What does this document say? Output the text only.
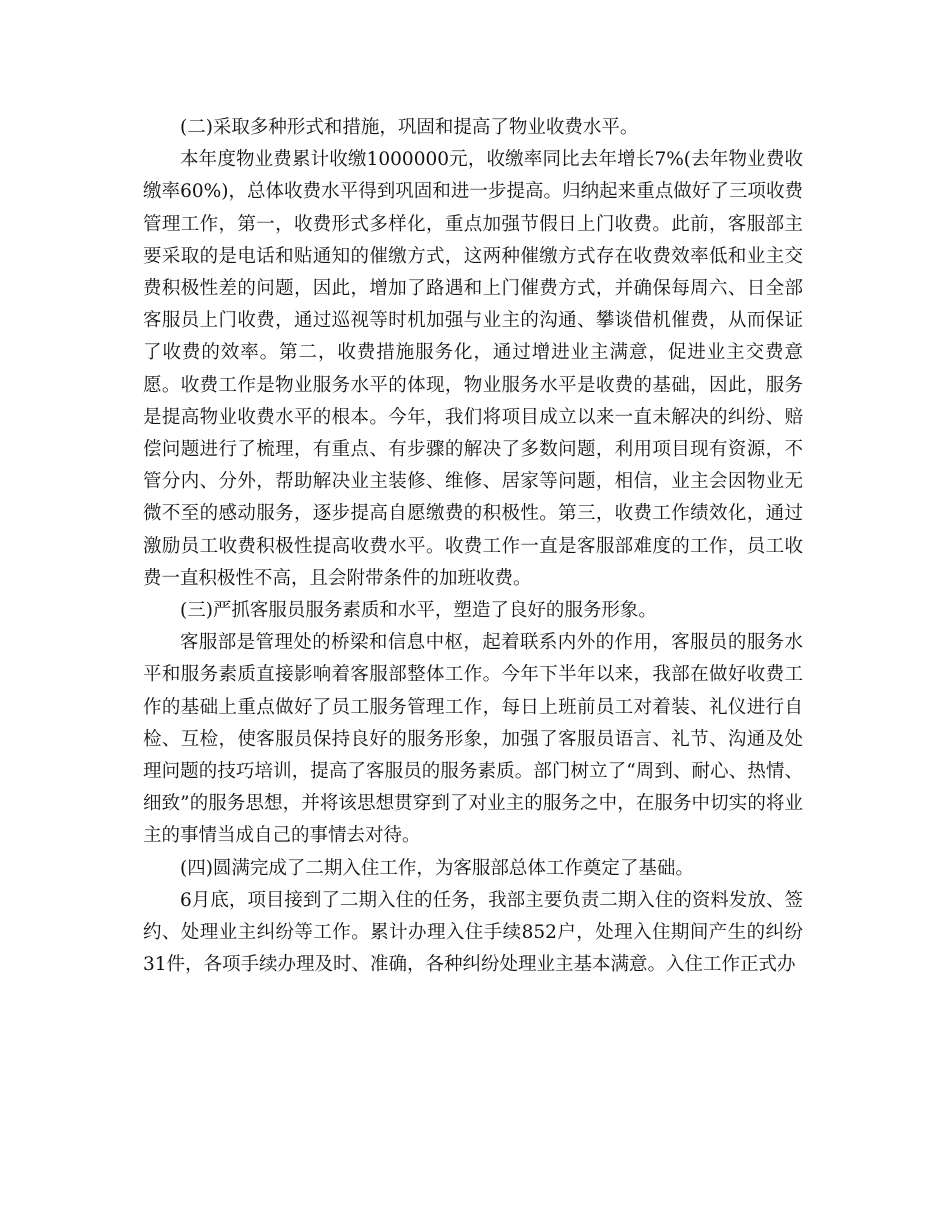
(二)采取多种形式和措施，巩固和提高了物业收费水平。

本年度物业费累计收缴1000000元，收缴率同比去年增长7%(去年物业费收缴率60%)，总体收费水平得到巩固和进一步提高。归纳起来重点做好了三项收费管理工作，第一，收费形式多样化，重点加强节假日上门收费。此前，客服部主要采取的是电话和贴通知的催缴方式，这两种催缴方式存在收费效率低和业主交费积极性差的问题，因此，增加了路遇和上门催费方式，并确保每周六、日全部客服员上门收费，通过巡视等时机加强与业主的沟通、攀谈借机催费，从而保证了收费的效率。第二，收费措施服务化，通过增进业主满意，促进业主交费意愿。收费工作是物业服务水平的体现，物业服务水平是收费的基础，因此，服务是提高物业收费水平的根本。今年，我们将项目成立以来一直未解决的纠纷、赔偿问题进行了梳理，有重点、有步骤的解决了多数问题，利用项目现有资源，不管分内、分外，帮助解决业主装修、维修、居家等问题，相信，业主会因物业无微不至的感动服务，逐步提高自愿缴费的积极性。第三，收费工作绩效化，通过激励员工收费积极性提高收费水平。收费工作一直是客服部难度的工作，员工收费一直积极性不高，且会附带条件的加班收费。

(三)严抓客服员服务素质和水平，塑造了良好的服务形象。

客服部是管理处的桥梁和信息中枢，起着联系内外的作用，客服员的服务水平和服务素质直接影响着客服部整体工作。今年下半年以来，我部在做好收费工作的基础上重点做好了员工服务管理工作，每日上班前员工对着装、礼仪进行自检、互检，使客服员保持良好的服务形象，加强了客服员语言、礼节、沟通及处理问题的技巧培训，提高了客服员的服务素质。部门树立了“周到、耐心、热情、细致”的服务思想，并将该思想贯穿到了对业主的服务之中，在服务中切实的将业主的事情当成自己的事情去对待。

(四)圆满完成了二期入住工作，为客服部总体工作奠定了基础。

6月底，项目接到了二期入住的任务，我部主要负责二期入住的资料发放、签约、处理业主纠纷等工作。累计办理入住手续852户，处理入住期间产生的纠纷31件，各项手续办理及时、准确，各种纠纷处理业主基本满意。入住工作正式办
